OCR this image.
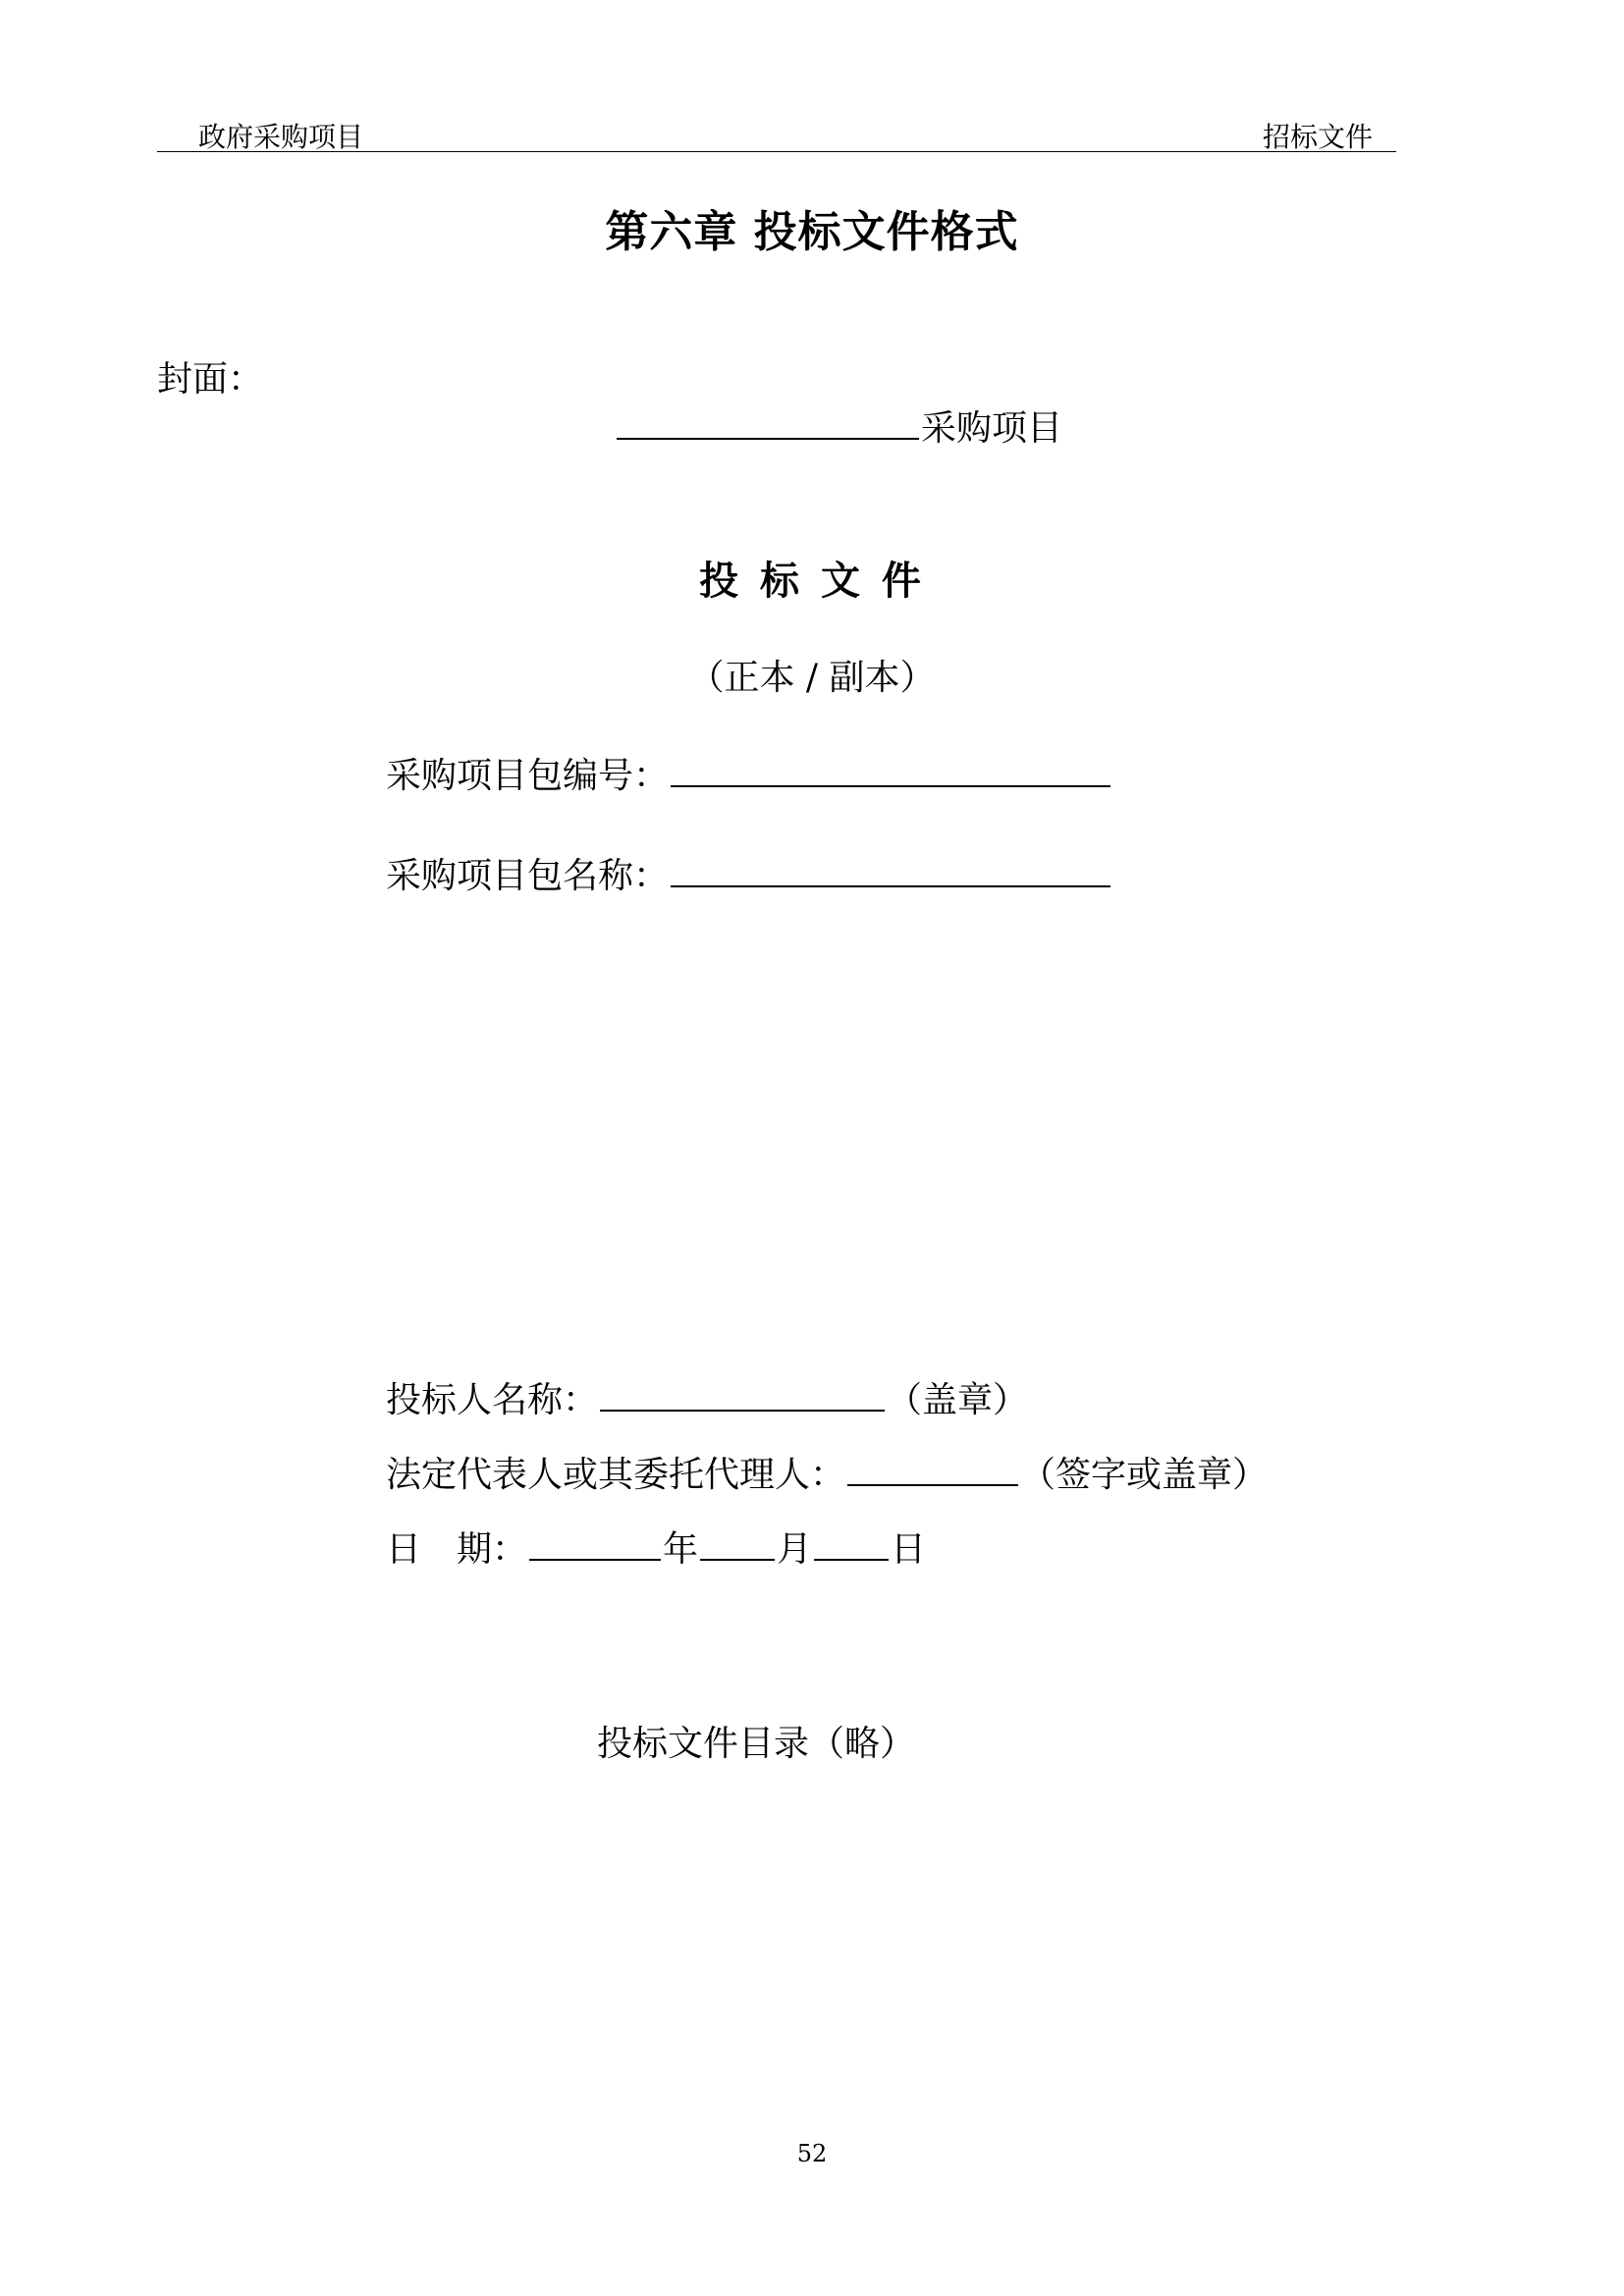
政府采购项目	招标文件
第六章 投标文件格式
封面：
采购项目
投 标 文 件
（正本 / 副本）
采购项目包编号：
采购项目包名称：
投标人名称：	（盖章）
法定代表人或其委托代理人：	（签字或盖章）
日　期：	年 月 日
投标文件目录（略）
52
